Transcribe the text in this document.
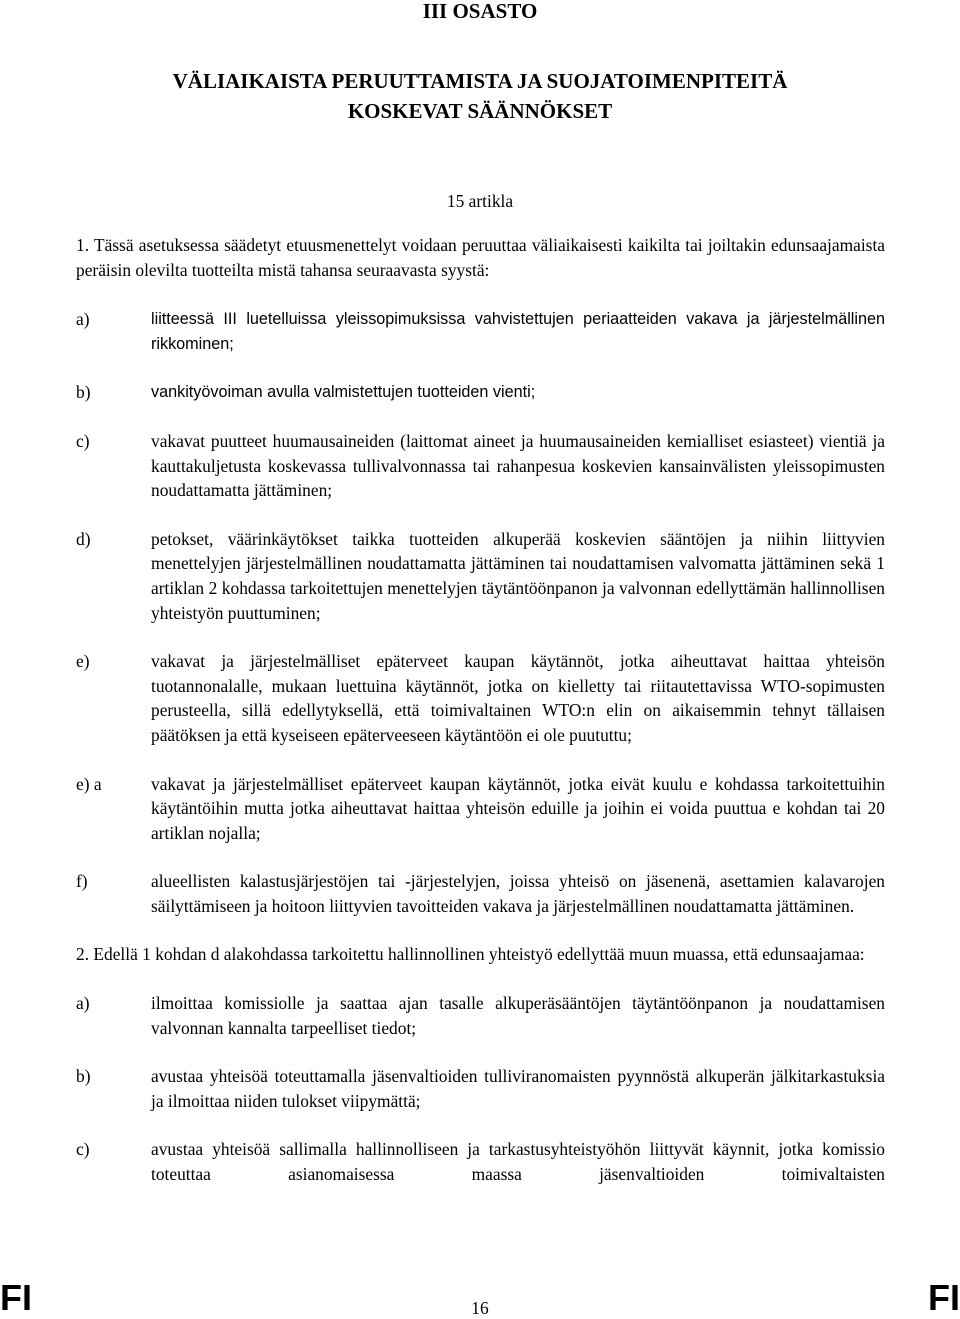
III OSASTO
VÄLIAIKAISTA PERUUTTAMISTA JA SUOJATOIMENPITEITÄ
KOSKEVAT SÄÄNNÖKSET
15 artikla

1. Tässä asetuksessa säädetyt etuusmenettelyt voidaan peruuttaa väliaikaisesti kaikilta tai joiltakin edunsaajamaista peräisin olevilta tuotteilta mistä tahansa seuraavasta syystä:

a)	liitteessä III luetelluissa yleissopimuksissa vahvistettujen periaatteiden vakava ja järjestelmällinen rikkominen;
b)	vankityövoiman avulla valmistettujen tuotteiden vienti;
c)	vakavat puutteet huumausaineiden (laittomat aineet ja huumausaineiden kemialliset esiasteet) vientiä ja kauttakuljetusta koskevassa tullivalvonnassa tai rahanpesua koskevien kansainvälisten yleissopimusten noudattamatta jättäminen;
d)	petokset, väärinkäytökset taikka tuotteiden alkuperää koskevien sääntöjen ja niihin liittyvien menettelyjen järjestelmällinen noudattamatta jättäminen tai noudattamisen valvomatta jättäminen sekä 1 artiklan 2 kohdassa tarkoitettujen menettelyjen täytäntöönpanon ja valvonnan edellyttämän hallinnollisen yhteistyön puuttuminen;
e)	vakavat ja järjestelmälliset epäterveet kaupan käytännöt, jotka aiheuttavat haittaa yhteisön tuotannonalalle, mukaan luettuina käytännöt, jotka on kielletty tai riitautettavissa WTO-sopimusten perusteella, sillä edellytyksellä, että toimivaltainen WTO:n elin on aikaisemmin tehnyt tällaisen päätöksen ja että kyseiseen epäterveeseen käytäntöön ei ole puututtu;
e) a	vakavat ja järjestelmälliset epäterveet kaupan käytännöt, jotka eivät kuulu e kohdassa tarkoitettuihin käytäntöihin mutta jotka aiheuttavat haittaa yhteisön eduille ja joihin ei voida puuttua e kohdan tai 20 artiklan nojalla;
f)	alueellisten kalastusjärjestöjen tai -järjestelyjen, joissa yhteisö on jäsenenä, asettamien kalavarojen säilyttämiseen ja hoitoon liittyvien tavoitteiden vakava ja järjestelmällinen noudattamatta jättäminen.

2. Edellä 1 kohdan d alakohdassa tarkoitettu hallinnollinen yhteistyö edellyttää muun muassa, että edunsaajamaa:

a)	ilmoittaa komissiolle ja saattaa ajan tasalle alkuperäsääntöjen täytäntöönpanon ja noudattamisen valvonnan kannalta tarpeelliset tiedot;
b)	avustaa yhteisöä toteuttamalla jäsenvaltioiden tulliviranomaisten pyynnöstä alkuperän jälkitarkastuksia ja ilmoittaa niiden tulokset viipymättä;
c)	avustaa yhteisöä sallimalla hallinnolliseen ja tarkastusyhteistyöhön liittyvät käynnit, jotka komissio toteuttaa asianomaisessa maassa jäsenvaltioiden toimivaltaisten
FI	16	FI
